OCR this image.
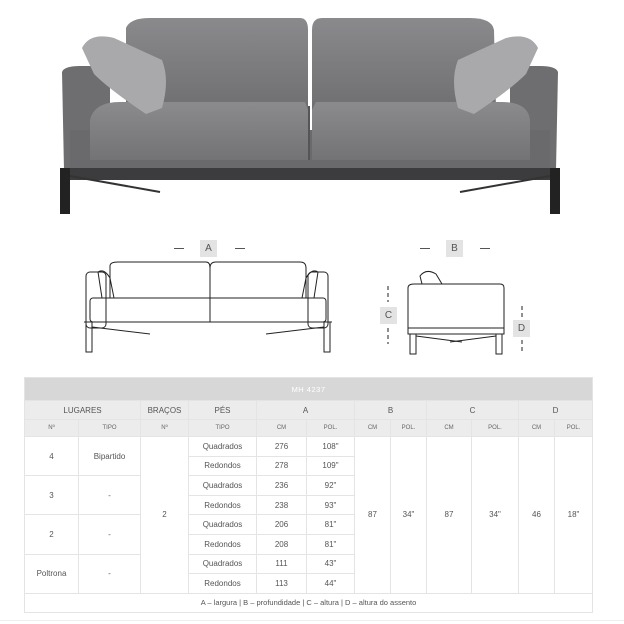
A	B
C
D
MH 4237											
LUGARES		BRAÇOS	PÉS	A		B		C		D	
Nº	TIPO	Nº	TIPO	CM	POL.	CM	POL.	CM	POL.	CM	POL.
4	Bipartido	2	Quadrados	276	108"	87	34"	87	34"	46	18"
			Redondos	278	109"						
3	-		Quadrados	236	92"						
			Redondos	238	93"						
2	-		Quadrados	206	81"						
			Redondos	208	81"						
Poltrona	-		Quadrados	111	43"						
			Redondos	113	44"						
A – largura | B – profundidade | C – altura | D – altura do assento											
